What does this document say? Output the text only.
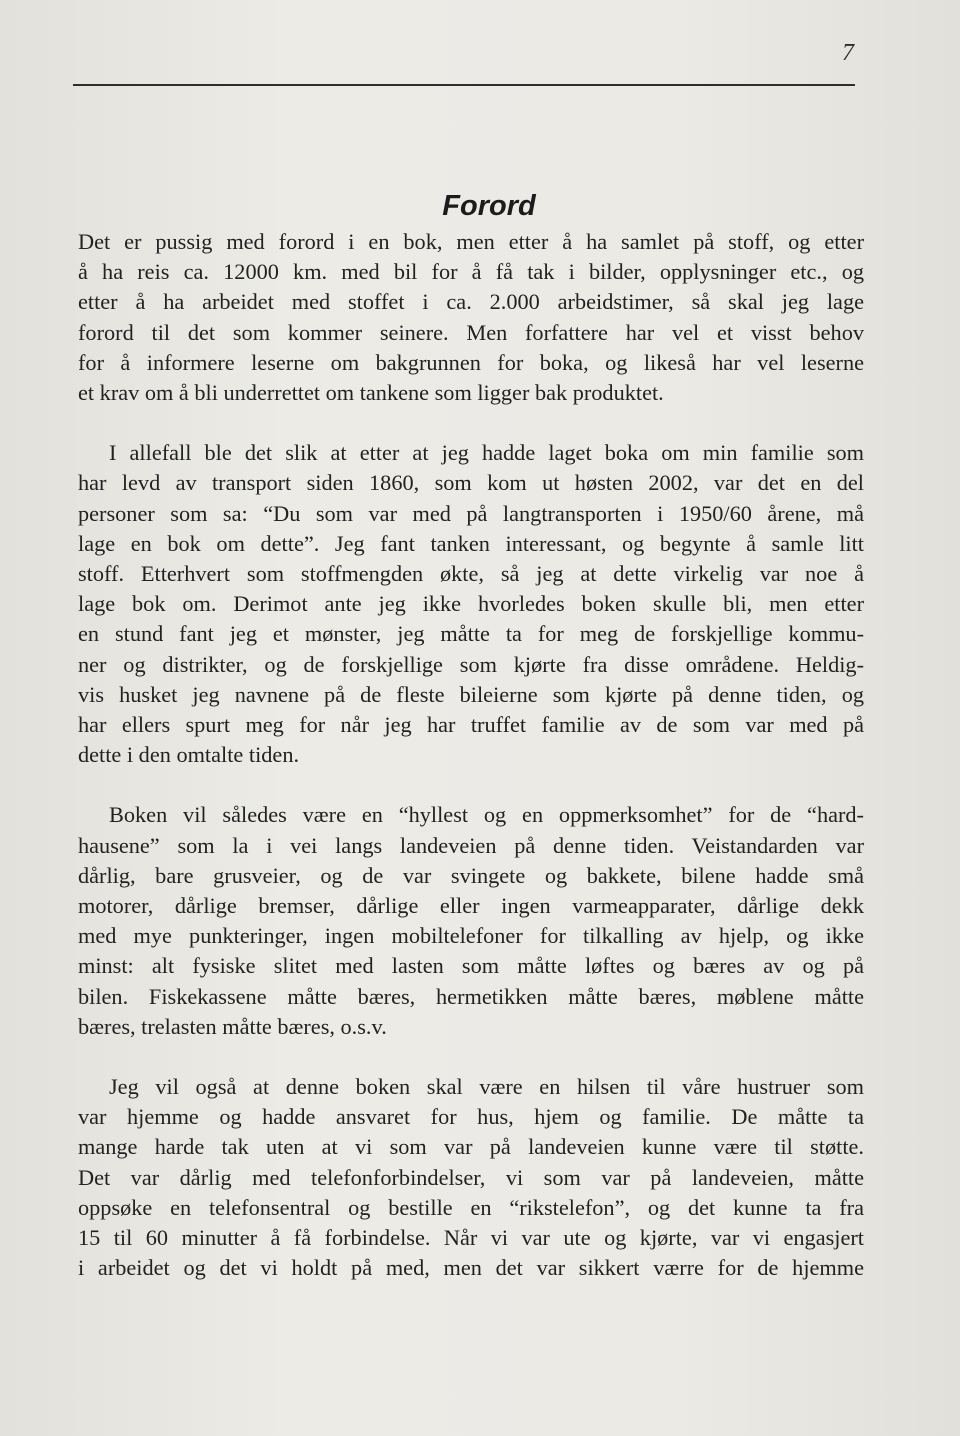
7
Forord

Det er pussig med forord i en bok, men etter å ha samlet på stoff, og etter
å ha reis ca. 12000 km. med bil for å få tak i bilder, opplysninger etc., og
etter å ha arbeidet med stoffet i ca. 2.000 arbeidstimer, så skal jeg lage
forord til det som kommer seinere. Men forfattere har vel et visst behov
for å informere leserne om bakgrunnen for boka, og likeså har vel leserne
et krav om å bli underrettet om tankene som ligger bak produktet.

I allefall ble det slik at etter at jeg hadde laget boka om min familie som
har levd av transport siden 1860, som kom ut høsten 2002, var det en del
personer som sa: “Du som var med på langtransporten i 1950/60 årene, må
lage en bok om dette”. Jeg fant tanken interessant, og begynte å samle litt
stoff. Etterhvert som stoffmengden økte, så jeg at dette virkelig var noe å
lage bok om. Derimot ante jeg ikke hvorledes boken skulle bli, men etter
en stund fant jeg et mønster, jeg måtte ta for meg de forskjellige kommu-
ner og distrikter, og de forskjellige som kjørte fra disse områdene. Heldig-
vis husket jeg navnene på de fleste bileierne som kjørte på denne tiden, og
har ellers spurt meg for når jeg har truffet familie av de som var med på
dette i den omtalte tiden.

Boken vil således være en “hyllest og en oppmerksomhet” for de “hard-
hausene” som la i vei langs landeveien på denne tiden. Veistandarden var
dårlig, bare grusveier, og de var svingete og bakkete, bilene hadde små
motorer, dårlige bremser, dårlige eller ingen varmeapparater, dårlige dekk
med mye punkteringer, ingen mobiltelefoner for tilkalling av hjelp, og ikke
minst: alt fysiske slitet med lasten som måtte løftes og bæres av og på
bilen. Fiskekassene måtte bæres, hermetikken måtte bæres, møblene måtte
bæres, trelasten måtte bæres, o.s.v.

Jeg vil også at denne boken skal være en hilsen til våre hustruer som
var hjemme og hadde ansvaret for hus, hjem og familie. De måtte ta
mange harde tak uten at vi som var på landeveien kunne være til støtte.
Det var dårlig med telefonforbindelser, vi som var på landeveien, måtte
oppsøke en telefonsentral og bestille en “rikstelefon”, og det kunne ta fra
15 til 60 minutter å få forbindelse. Når vi var ute og kjørte, var vi engasjert
i arbeidet og det vi holdt på med, men det var sikkert værre for de hjemme
